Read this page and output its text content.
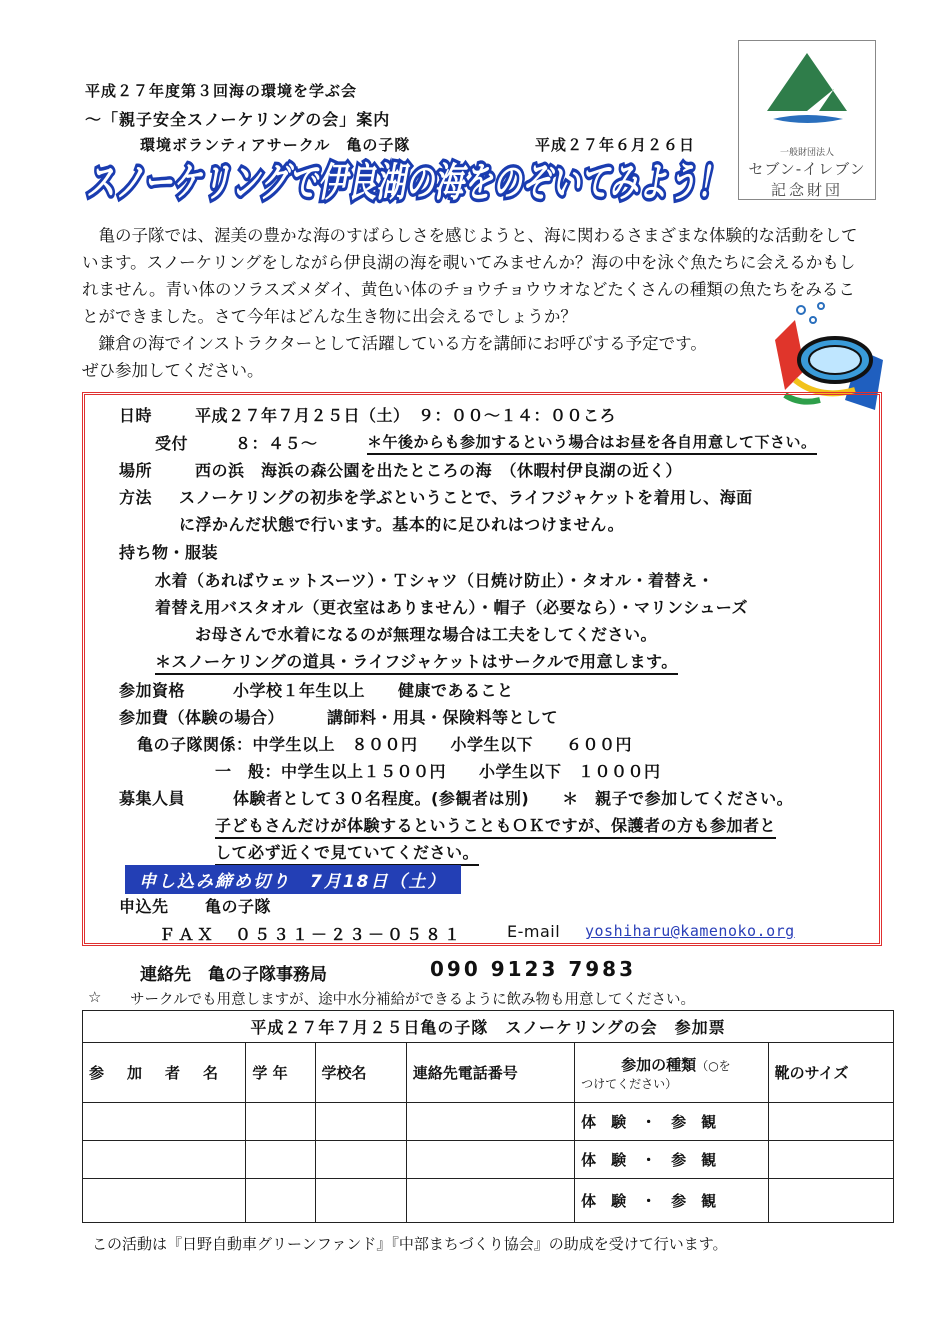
平成２７年度第３回海の環境を学ぶ会
～「親子安全スノーケリングの会」案内
環境ボランティアサークル　亀の子隊	平成２７年６月２６日
スノーケリングで伊良湖の海をのぞいてみよう！
一般財団法人
セブン-イレブン
記念財団

亀の子隊では、渥美の豊かな海のすばらしさを感じようと、海に関わるさまざまな体験的な活動をしています。スノーケリングをしながら伊良湖の海を覗いてみませんか？海の中を泳ぐ魚たちに会えるかもしれません。青い体のソラスズメダイ、黄色い体のチョウチョウウオなどたくさんの種類の魚たちをみることができました。さて今年はどんな生き物に出会えるでしょうか？

鎌倉の海でインストラクターとして活躍している方を講師にお呼びする予定です。

ぜひ参加してください。

日時	平成２７年７月２５日（土）　９：００～１４：００ころ
受付	８：４５～	＊午後からも参加するという場合はお昼を各自用意して下さい。
場所	西の浜　海浜の森公園を出たところの海　（休暇村伊良湖の近く）
方法 スノーケリングの初歩を学ぶということで、ライフジャケットを着用し、海面
に浮かんだ状態で行います。基本的に足ひれはつけません。
持ち物・服装
水着（あればウェットスーツ）・Ｔシャツ（日焼け防止）・タオル・着替え・
着替え用バスタオル（更衣室はありません）・帽子（必要なら）・マリンシューズ
お母さんで水着になるのが無理な場合は工夫をしてください。
＊スノーケリングの道具・ライフジャケットはサークルで用意します。
参加資格	小学校１年生以上　　健康であること
参加費（体験の場合）	講師料・用具・保険料等として
亀の子隊関係：中学生以上　８００円　　小学生以下　　６００円
一　般：中学生以上１５００円　　小学生以下　１０００円
募集人員	体験者として３０名程度。(参観者は別)　　＊　親子で参加してください。
子どもさんだけが体験するということもＯＫですが、保護者の方も参加者と
して必ず近くで見ていてください。
申し込み締め切り　7月18日（土）
申込先 亀の子隊
ＦＡＸ　０５３１－２３－０５８１	E-mail yoshiharu@kamenoko.org
連絡先 亀の子隊事務局	090 9123 7983
☆ サークルでも用意しますが、途中水分補給ができるように飲み物も用意してください。
平成２７年７月２５日亀の子隊　スノーケリングの会　参加票					
参　加　者　名	学 年	学校名	連絡先電話番号	参加の種類（○を
つけてください）	靴のサイズ
				体　験　・　参　観	
				体　験　・　参　観	
				体　験　・　参　観	
この活動は『日野自動車グリーンファンド』『中部まちづくり協会』の助成を受けて行います。
